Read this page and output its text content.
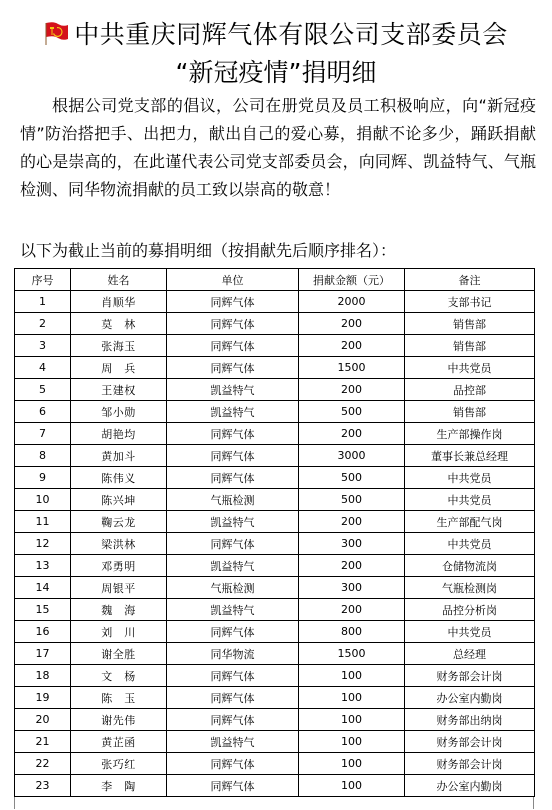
中共重庆同辉气体有限公司支部委员会
“新冠疫情”捐明细
根据公司党支部的倡议，公司在册党员及员工积极响应，向“新冠疫情”防治搭把手、出把力，献出自己的爱心募，捐献不论多少，踊跃捐献的心是崇高的，在此谨代表公司党支部委员会，向同辉、凯益特气、气瓶检测、同华物流捐献的员工致以崇高的敬意！
以下为截止当前的募捐明细（按捐献先后顺序排名）：
序号	姓名	单位	捐献金额（元）	备注
1	肖顺华	同辉气体	2000	支部书记
2	莫　林	同辉气体	200	销售部
3	张海玉	同辉气体	200	销售部
4	周　兵	同辉气体	1500	中共党员
5	王建权	凯益特气	200	品控部
6	邹小勋	凯益特气	500	销售部
7	胡艳均	同辉气体	200	生产部操作岗
8	黄加斗	同辉气体	3000	董事长兼总经理
9	陈伟义	同辉气体	500	中共党员
10	陈兴坤	气瓶检测	500	中共党员
11	鞠云龙	凯益特气	200	生产部配气岗
12	梁洪林	同辉气体	300	中共党员
13	邓勇明	凯益特气	200	仓储物流岗
14	周银平	气瓶检测	300	气瓶检测岗
15	魏　海	凯益特气	200	品控分析岗
16	刘　川	同辉气体	800	中共党员
17	谢全胜	同华物流	1500	总经理
18	文　杨	同辉气体	100	财务部会计岗
19	陈　玉	同辉气体	100	办公室内勤岗
20	谢先伟	同辉气体	100	财务部出纳岗
21	黄芷函	凯益特气	100	财务部会计岗
22	张巧红	同辉气体	100	财务部会计岗
23	李　陶	同辉气体	100	办公室内勤岗
